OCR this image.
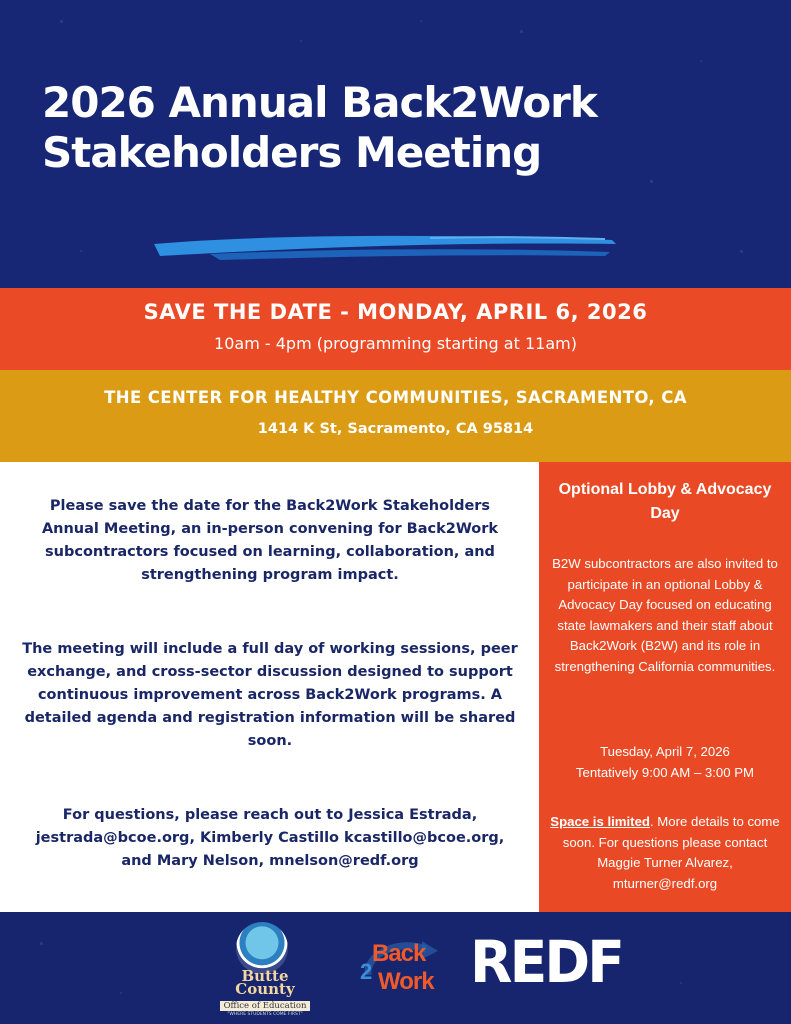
2026 Annual Back2Work
Stakeholders Meeting
SAVE THE DATE - MONDAY, APRIL 6, 2026
10am - 4pm (programming starting at 11am)
THE CENTER FOR HEALTHY COMMUNITIES, SACRAMENTO, CA
1414 K St, Sacramento, CA 95814

Please save the date for the Back2Work Stakeholders Annual Meeting, an in-person convening for Back2Work subcontractors focused on learning, collaboration, and strengthening program impact.

The meeting will include a full day of working sessions, peer exchange, and cross-sector discussion designed to support continuous improvement across Back2Work programs. A detailed agenda and registration information will be shared soon.

For questions, please reach out to Jessica Estrada, jestrada@bcoe.org, Kimberly Castillo kcastillo@bcoe.org, and Mary Nelson, mnelson@redf.org

Optional Lobby & Advocacy Day
B2W subcontractors are also invited to participate in an optional Lobby & Advocacy Day focused on educating state lawmakers and their staff about Back2Work (B2W) and its role in strengthening California communities.
Tuesday, April 7, 2026
Tentatively 9:00 AM – 3:00 PM
Space is limited. More details to come soon. For questions please contact Maggie Turner Alvarez, mturner@redf.org
Butte
County
Office of Education
"WHERE STUDENTS COME FIRST"
Back
2 Work REDF
